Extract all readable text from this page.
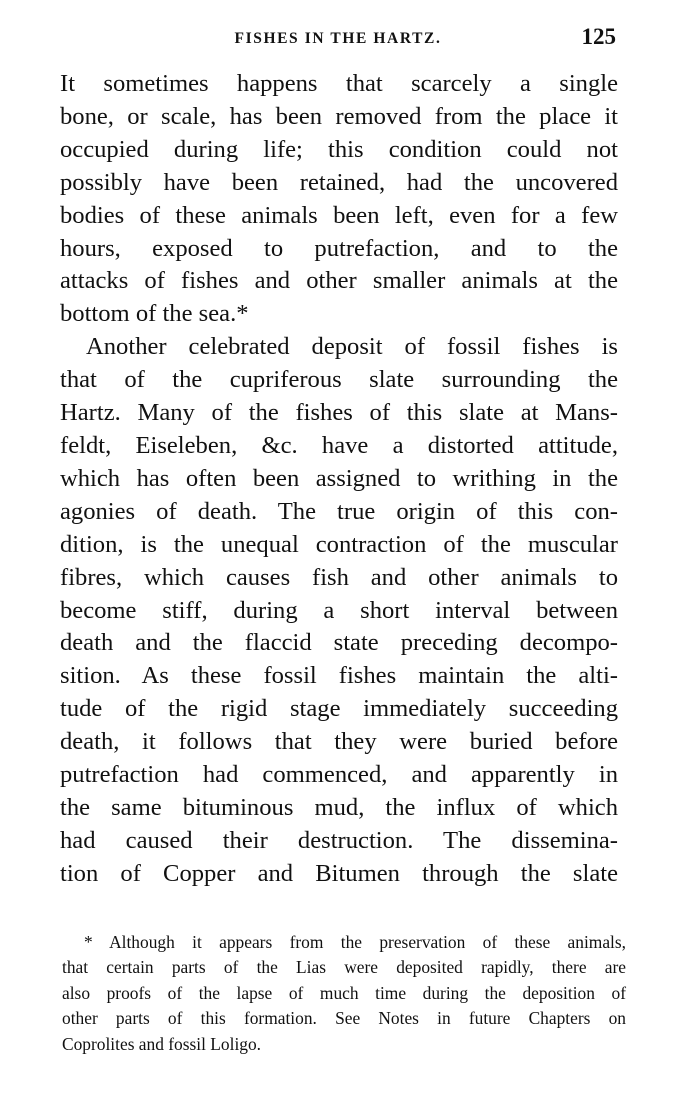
FISHES IN THE HARTZ.	125
It sometimes happens that scarcely a single
bone, or scale, has been removed from the place it
occupied during life; this condition could not
possibly have been retained, had the uncovered
bodies of these animals been left, even for a few
hours, exposed to putrefaction, and to the
attacks of fishes and other smaller animals at the
bottom of the sea.*
Another celebrated deposit of fossil fishes is
that of the cupriferous slate surrounding the
Hartz. Many of the fishes of this slate at Mans-
feldt, Eiseleben, &c. have a distorted attitude,
which has often been assigned to writhing in the
agonies of death. The true origin of this con-
dition, is the unequal contraction of the muscular
fibres, which causes fish and other animals to
become stiff, during a short interval between
death and the flaccid state preceding decompo-
sition. As these fossil fishes maintain the alti-
tude of the rigid stage immediately succeeding
death, it follows that they were buried before
putrefaction had commenced, and apparently in
the same bituminous mud, the influx of which
had caused their destruction. The dissemina-
tion of Copper and Bitumen through the slate
* Although it appears from the preservation of these animals,
that certain parts of the Lias were deposited rapidly, there are
also proofs of the lapse of much time during the deposition of
other parts of this formation. See Notes in future Chapters on
Coprolites and fossil Loligo.
